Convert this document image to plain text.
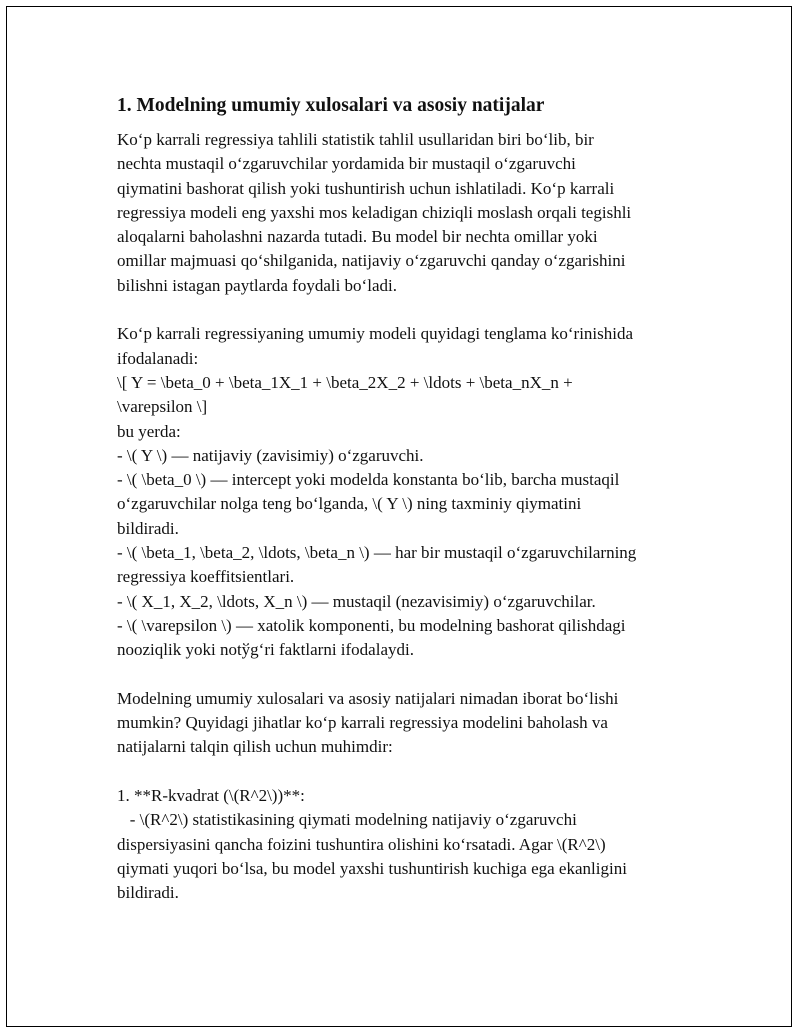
1. Modelning umumiy xulosalari va asosiy natijalar

Koʻp karrali regressiya tahlili statistik tahlil usullaridan biri boʻlib, bir

nechta mustaqil oʻzgaruvchilar yordamida bir mustaqil oʻzgaruvchi

qiymatini bashorat qilish yoki tushuntirish uchun ishlatiladi. Koʻp karrali

regressiya modeli eng yaxshi mos keladigan chiziqli moslash orqali tegishli

aloqalarni baholashni nazarda tutadi. Bu model bir nechta omillar yoki

omillar majmuasi qoʻshilganida, natijaviy oʻzgaruvchi qanday oʻzgarishini

bilishni istagan paytlarda foydali boʻladi.

Koʻp karrali regressiyaning umumiy modeli quyidagi tenglama koʻrinishida

ifodalanadi:

\[ Y = \beta_0 + \beta_1X_1 + \beta_2X_2 + \ldots + \beta_nX_n +

\varepsilon \]

bu yerda:

- \( Y \) — natijaviy (zavisimiy) oʻzgaruvchi.

- \( \beta_0 \) — intercept yoki modelda konstanta boʻlib, barcha mustaqil

oʻzgaruvchilar nolga teng boʻlganda, \( Y \) ning taxminiy qiymatini

bildiradi.

- \( \beta_1, \beta_2, \ldots, \beta_n \) — har bir mustaqil oʻzgaruvchilarning

regressiya koeffitsientlari.

- \( X_1, X_2, \ldots, X_n \) — mustaqil (nezavisimiy) oʻzgaruvchilar.

- \( \varepsilon \) — xatolik komponenti, bu modelning bashorat qilishdagi

nooziqlik yoki notўgʻri faktlarni ifodalaydi.

Modelning umumiy xulosalari va asosiy natijalari nimadan iborat boʻlishi

mumkin? Quyidagi jihatlar koʻp karrali regressiya modelini baholash va

natijalarni talqin qilish uchun muhimdir:

1. **R-kvadrat (\(R^2\))**:

- \(R^2\) statistikasining qiymati modelning natijaviy oʻzgaruvchi

dispersiyasini qancha foizini tushuntira olishini koʻrsatadi. Agar \(R^2\)

qiymati yuqori boʻlsa, bu model yaxshi tushuntirish kuchiga ega ekanligini

bildiradi.
